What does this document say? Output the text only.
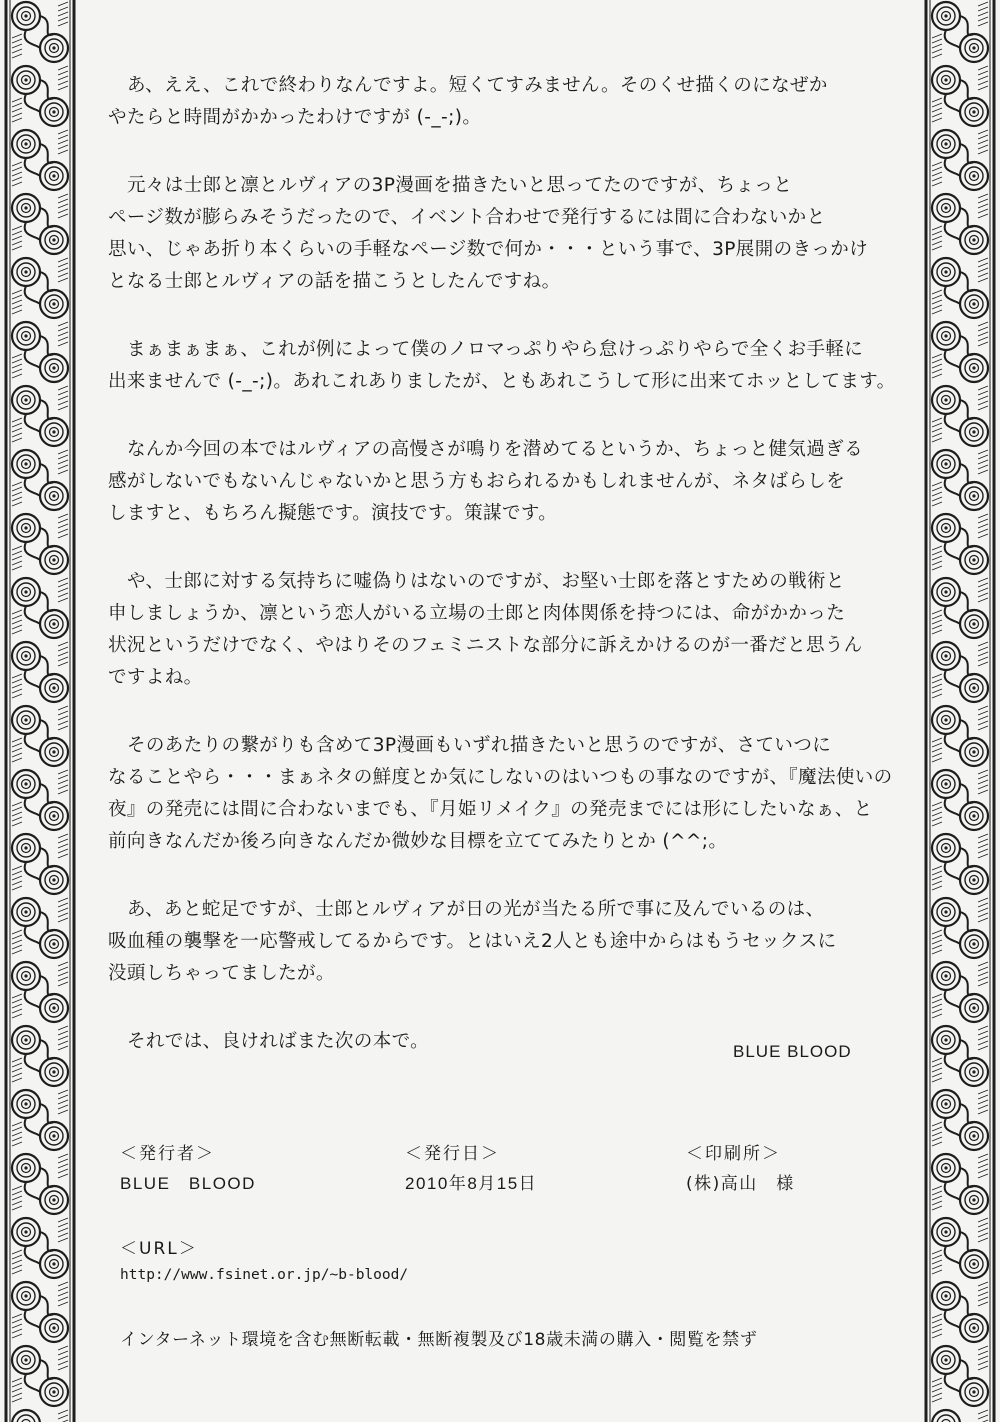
あ、ええ、これで終わりなんですよ。短くてすみません。そのくせ描くのになぜか
やたらと時間がかかったわけですが (-_-;)。

元々は士郎と凛とルヴィアの3P漫画を描きたいと思ってたのですが、ちょっと
ページ数が膨らみそうだったので、イベント合わせで発行するには間に合わないかと
思い、じゃあ折り本くらいの手軽なページ数で何か・・・という事で、3P展開のきっかけ
となる士郎とルヴィアの話を描こうとしたんですね。

まぁまぁまぁ、これが例によって僕のノロマっぷりやら怠けっぷりやらで全くお手軽に
出来ませんで (-_-;)。あれこれありましたが、ともあれこうして形に出来てホッとしてます。

なんか今回の本ではルヴィアの高慢さが鳴りを潜めてるというか、ちょっと健気過ぎる
感がしないでもないんじゃないかと思う方もおられるかもしれませんが、ネタばらしを
しますと、もちろん擬態です。演技です。策謀です。

や、士郎に対する気持ちに嘘偽りはないのですが、お堅い士郎を落とすための戦術と
申しましょうか、凛という恋人がいる立場の士郎と肉体関係を持つには、命がかかった
状況というだけでなく、やはりそのフェミニストな部分に訴えかけるのが一番だと思うん
ですよね。

そのあたりの繋がりも含めて3P漫画もいずれ描きたいと思うのですが、さていつに
なることやら・・・まぁネタの鮮度とか気にしないのはいつもの事なのですが、『魔法使いの
夜』の発売には間に合わないまでも、『月姫リメイク』の発売までには形にしたいなぁ、と
前向きなんだか後ろ向きなんだか微妙な目標を立ててみたりとか (^^;。

あ、あと蛇足ですが、士郎とルヴィアが日の光が当たる所で事に及んでいるのは、
吸血種の襲撃を一応警戒してるからです。とはいえ2人とも途中からはもうセックスに
没頭しちゃってましたが。

それでは、良ければまた次の本で。	BLUE BLOOD
＜発行者＞
BLUE　BLOOD
＜発行日＞
2010年8月15日
＜印刷所＞
(株)高山　様
＜URL＞
http://www.fsinet.or.jp/~b-blood/
インターネット環境を含む無断転載・無断複製及び18歳未満の購入・閲覧を禁ず
